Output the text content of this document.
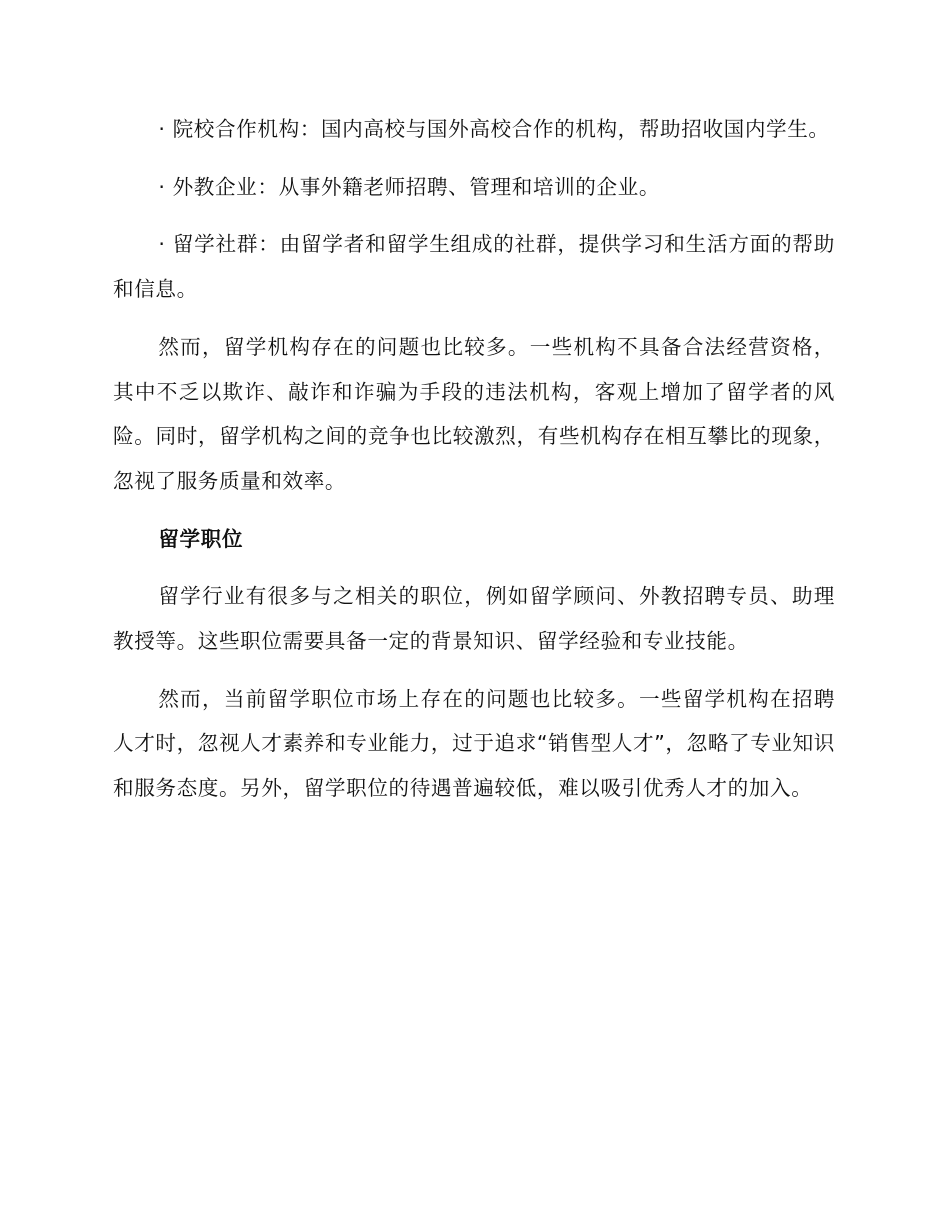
· 院校合作机构：国内高校与国外高校合作的机构，帮助招收国内学生。

· 外教企业：从事外籍老师招聘、管理和培训的企业。

· 留学社群：由留学者和留学生组成的社群，提供学习和生活方面的帮助和信息。

然而，留学机构存在的问题也比较多。一些机构不具备合法经营资格，其中不乏以欺诈、敲诈和诈骗为手段的违法机构，客观上增加了留学者的风险。同时，留学机构之间的竞争也比较激烈，有些机构存在相互攀比的现象，忽视了服务质量和效率。

留学职位

留学行业有很多与之相关的职位，例如留学顾问、外教招聘专员、助理教授等。这些职位需要具备一定的背景知识、留学经验和专业技能。

然而，当前留学职位市场上存在的问题也比较多。一些留学机构在招聘人才时，忽视人才素养和专业能力，过于追求“销售型人才”，忽略了专业知识和服务态度。另外，留学职位的待遇普遍较低，难以吸引优秀人才的加入。
